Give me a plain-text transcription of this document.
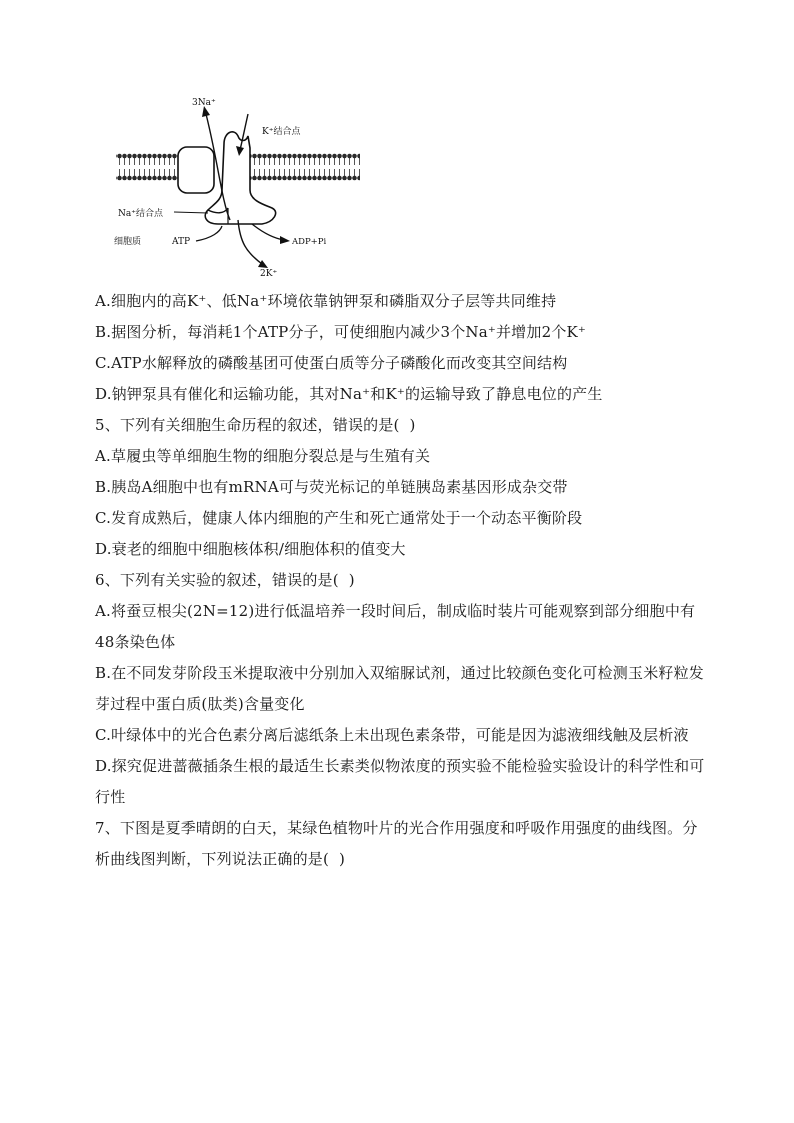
3Na⁺
K⁺结合点
Na⁺结合点
细胞质	ATP	ADP+Pi
2K⁺
A.细胞内的高K⁺、低Na⁺环境依靠钠钾泵和磷脂双分子层等共同维持
B.据图分析，每消耗1个ATP分子，可使细胞内减少3个Na⁺并增加2个K⁺
C.ATP水解释放的磷酸基团可使蛋白质等分子磷酸化而改变其空间结构
D.钠钾泵具有催化和运输功能，其对Na⁺和K⁺的运输导致了静息电位的产生
5、下列有关细胞生命历程的叙述，错误的是(  )
A.草履虫等单细胞生物的细胞分裂总是与生殖有关
B.胰岛A细胞中也有mRNA可与荧光标记的单链胰岛素基因形成杂交带
C.发育成熟后，健康人体内细胞的产生和死亡通常处于一个动态平衡阶段
D.衰老的细胞中细胞核体积/细胞体积的值变大
6、下列有关实验的叙述，错误的是(  )
A.将蚕豆根尖(2N=12)进行低温培养一段时间后，制成临时装片可能观察到部分细胞中有48条染色体
B.在不同发芽阶段玉米提取液中分别加入双缩脲试剂，通过比较颜色变化可检测玉米籽粒发芽过程中蛋白质(肽类)含量变化
C.叶绿体中的光合色素分离后滤纸条上未出现色素条带，可能是因为滤液细线触及层析液
D.探究促进蔷薇插条生根的最适生长素类似物浓度的预实验不能检验实验设计的科学性和可行性
7、下图是夏季晴朗的白天，某绿色植物叶片的光合作用强度和呼吸作用强度的曲线图。分析曲线图判断，下列说法正确的是(  )
